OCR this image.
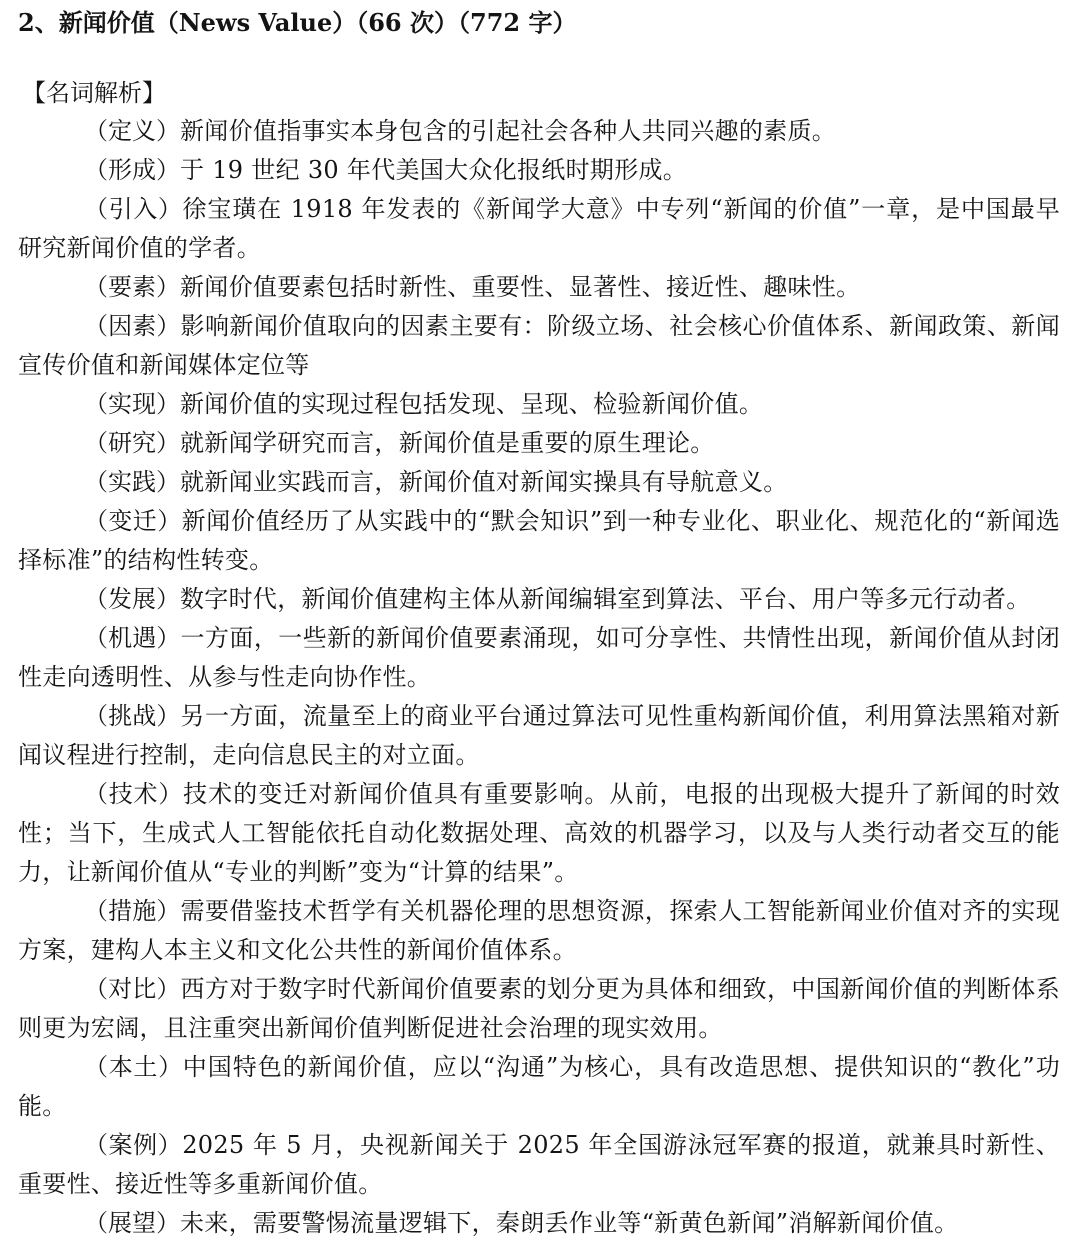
2、新闻价值（News Value）（66 次）（772 字）
【名词解析】

（定义）新闻价值指事实本身包含的引起社会各种人共同兴趣的素质。

（形成）于 19 世纪 30 年代美国大众化报纸时期形成。

（引入）徐宝璜在 1918 年发表的《新闻学大意》中专列“新闻的价值”一章，是中国最早研究新闻价值的学者。

（要素）新闻价值要素包括时新性、重要性、显著性、接近性、趣味性。

（因素）影响新闻价值取向的因素主要有：阶级立场、社会核心价值体系、新闻政策、新闻宣传价值和新闻媒体定位等

（实现）新闻价值的实现过程包括发现、呈现、检验新闻价值。

（研究）就新闻学研究而言，新闻价值是重要的原生理论。

（实践）就新闻业实践而言，新闻价值对新闻实操具有导航意义。

（变迁）新闻价值经历了从实践中的“默会知识”到一种专业化、职业化、规范化的“新闻选择标准”的结构性转变。

（发展）数字时代，新闻价值建构主体从新闻编辑室到算法、平台、用户等多元行动者。

（机遇）一方面，一些新的新闻价值要素涌现，如可分享性、共情性出现，新闻价值从封闭性走向透明性、从参与性走向协作性。

（挑战）另一方面，流量至上的商业平台通过算法可见性重构新闻价值，利用算法黑箱对新闻议程进行控制，走向信息民主的对立面。

（技术）技术的变迁对新闻价值具有重要影响。从前，电报的出现极大提升了新闻的时效性；当下，生成式人工智能依托自动化数据处理、高效的机器学习，以及与人类行动者交互的能力，让新闻价值从“专业的判断”变为“计算的结果”。

（措施）需要借鉴技术哲学有关机器伦理的思想资源，探索人工智能新闻业价值对齐的实现方案，建构人本主义和文化公共性的新闻价值体系。

（对比）西方对于数字时代新闻价值要素的划分更为具体和细致，中国新闻价值的判断体系则更为宏阔，且注重突出新闻价值判断促进社会治理的现实效用。

（本土）中国特色的新闻价值，应以“沟通”为核心，具有改造思想、提供知识的“教化”功能。

（案例）2025 年 5 月，央视新闻关于 2025 年全国游泳冠军赛的报道，就兼具时新性、重要性、接近性等多重新闻价值。

（展望）未来，需要警惕流量逻辑下，秦朗丢作业等“新黄色新闻”消解新闻价值。
